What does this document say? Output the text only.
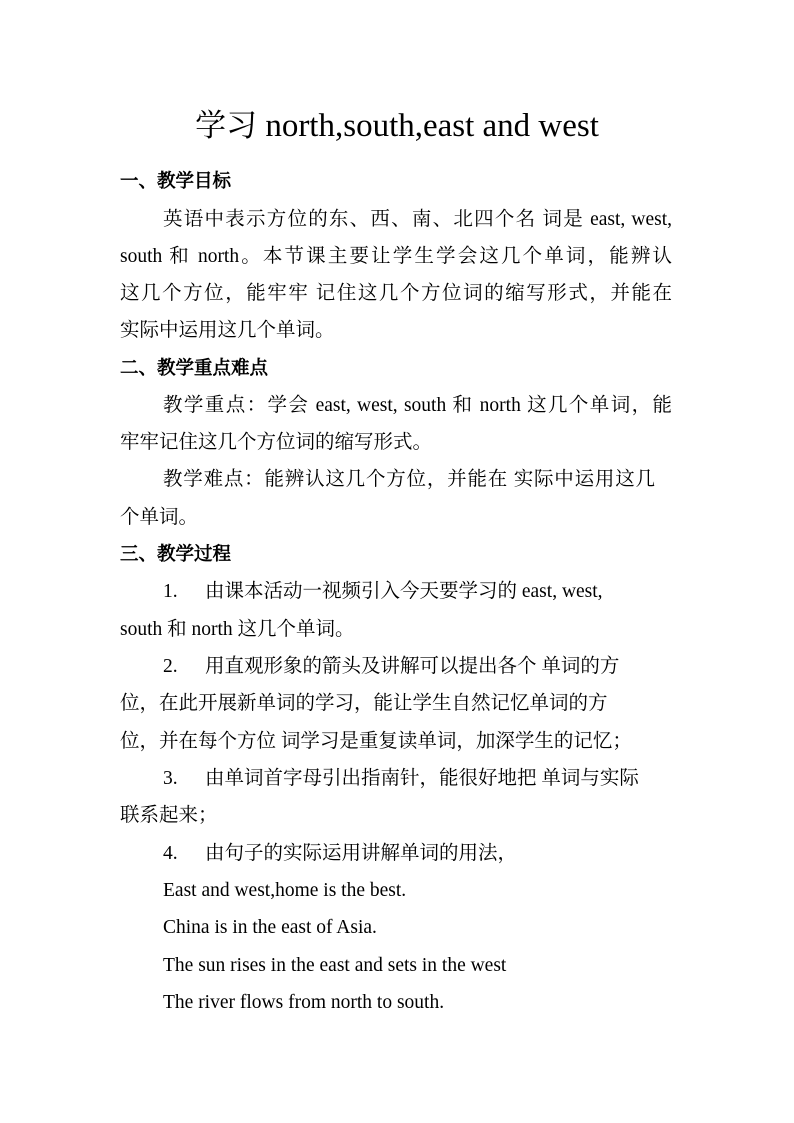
学习 north,south,east and west
一、教学目标
英语中表示方位的东、西、南、北四个名 词是 east, west,
south 和 north。本节课主要让学生学会这几个单词，能辨认
这几个方位，能牢牢 记住这几个方位词的缩写形式，并能在
实际中运用这几个单词。
二、教学重点难点
教学重点：学会 east, west, south 和 north 这几个单词，能
牢牢记住这几个方位词的缩写形式。
教学难点：能辨认这几个方位，并能在 实际中运用这几
个单词。
三、教学过程
1. 由课本活动一视频引入今天要学习的 east, west,
south 和 north 这几个单词。
2. 用直观形象的箭头及讲解可以提出各个 单词的方
位，在此开展新单词的学习，能让学生自然记忆单词的方
位，并在每个方位 词学习是重复读单词，加深学生的记忆；
3. 由单词首字母引出指南针，能很好地把 单词与实际
联系起来；
4. 由句子的实际运用讲解单词的用法，
East and west,home is the best.
China is in the east of Asia.
The sun rises in the east and sets in the west
The river flows from north to south.
